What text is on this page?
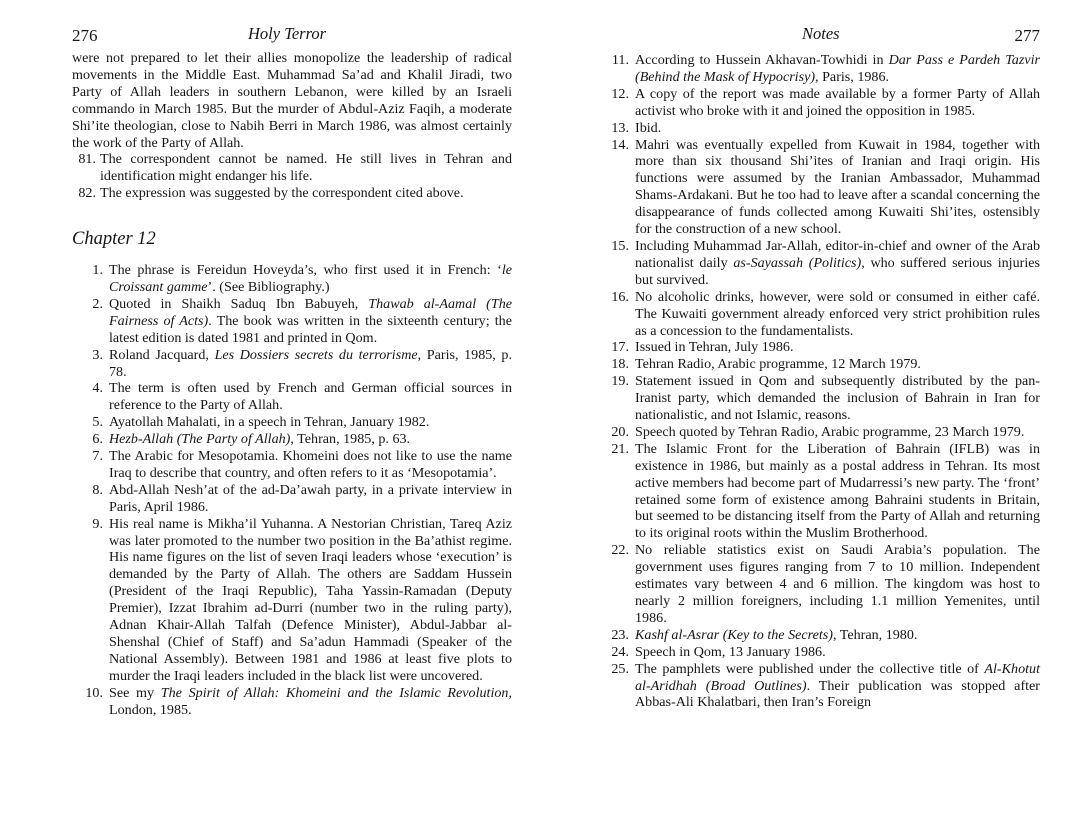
276	Holy Terror

were not prepared to let their allies monopolize the leadership of radical movements in the Middle East. Muhammad Sa’ad and Khalil Jiradi, two Party of Allah leaders in southern Lebanon, were killed by an Israeli commando in March 1985. But the murder of Abdul-Aziz Faqih, a moderate Shi’ite theologian, close to Nabih Berri in March 1986, was almost certainly the work of the Party of Allah.

81. The correspondent cannot be named. He still lives in Tehran and identification might endanger his life.
82. The expression was suggested by the correspondent cited above.
Chapter 12
1. The phrase is Fereidun Hoveyda’s, who first used it in French: ‘le Croissant gamme’. (See Bibliography.)
2. Quoted in Shaikh Saduq Ibn Babuyeh, Thawab al-Aamal (The Fairness of Acts). The book was written in the sixteenth century; the latest edition is dated 1981 and printed in Qom.
3. Roland Jacquard, Les Dossiers secrets du terrorisme, Paris, 1985, p. 78.
4. The term is often used by French and German official sources in reference to the Party of Allah.
5. Ayatollah Mahalati, in a speech in Tehran, January 1982.
6. Hezb-Allah (The Party of Allah), Tehran, 1985, p. 63.
7. The Arabic for Mesopotamia. Khomeini does not like to use the name Iraq to describe that country, and often refers to it as ‘Mesopotamia’.
8. Abd-Allah Nesh’at of the ad-Da’awah party, in a private interview in Paris, April 1986.
9. His real name is Mikha’il Yuhanna. A Nestorian Christian, Tareq Aziz was later promoted to the number two position in the Ba’athist regime. His name figures on the list of seven Iraqi leaders whose ‘execution’ is demanded by the Party of Allah. The others are Saddam Hussein (President of the Iraqi Republic), Taha Yassin-Ramadan (Deputy Premier), Izzat Ibrahim ad-Durri (number two in the ruling party), Adnan Khair-Allah Talfah (Defence Minister), Abdul-Jabbar al-Shenshal (Chief of Staff) and Sa’adun Hammadi (Speaker of the National Assembly). Between 1981 and 1986 at least five plots to murder the Iraqi leaders included in the black list were uncovered.
10. See my The Spirit of Allah: Khomeini and the Islamic Revolution, London, 1985.
Notes	277
11. According to Hussein Akhavan-Towhidi in Dar Pass e Pardeh Tazvir (Behind the Mask of Hypocrisy), Paris, 1986.
12. A copy of the report was made available by a former Party of Allah activist who broke with it and joined the opposition in 1985.
13. Ibid.
14. Mahri was eventually expelled from Kuwait in 1984, together with more than six thousand Shi’ites of Iranian and Iraqi origin. His functions were assumed by the Iranian Ambassador, Muhammad Shams-Ardakani. But he too had to leave after a scandal concerning the disappearance of funds collected among Kuwaiti Shi’ites, ostensibly for the construction of a new school.
15. Including Muhammad Jar-Allah, editor-in-chief and owner of the Arab nationalist daily as-Sayassah (Politics), who suffered serious injuries but survived.
16. No alcoholic drinks, however, were sold or consumed in either café. The Kuwaiti government already enforced very strict prohibition rules as a concession to the fundamentalists.
17. Issued in Tehran, July 1986.
18. Tehran Radio, Arabic programme, 12 March 1979.
19. Statement issued in Qom and subsequently distributed by the pan-Iranist party, which demanded the inclusion of Bahrain in Iran for nationalistic, and not Islamic, reasons.
20. Speech quoted by Tehran Radio, Arabic programme, 23 March 1979.
21. The Islamic Front for the Liberation of Bahrain (IFLB) was in existence in 1986, but mainly as a postal address in Tehran. Its most active members had become part of Mudarressi’s new party. The ‘front’ retained some form of existence among Bahraini students in Britain, but seemed to be distancing itself from the Party of Allah and returning to its original roots within the Muslim Brotherhood.
22. No reliable statistics exist on Saudi Arabia’s population. The government uses figures ranging from 7 to 10 million. Independent estimates vary between 4 and 6 million. The kingdom was host to nearly 2 million foreigners, including 1.1 million Yemenites, until 1986.
23. Kashf al-Asrar (Key to the Secrets), Tehran, 1980.
24. Speech in Qom, 13 January 1986.
25. The pamphlets were published under the collective title of Al-Khotut al-Aridhah (Broad Outlines). Their publication was stopped after Abbas-Ali Khalatbari, then Iran’s Foreign
